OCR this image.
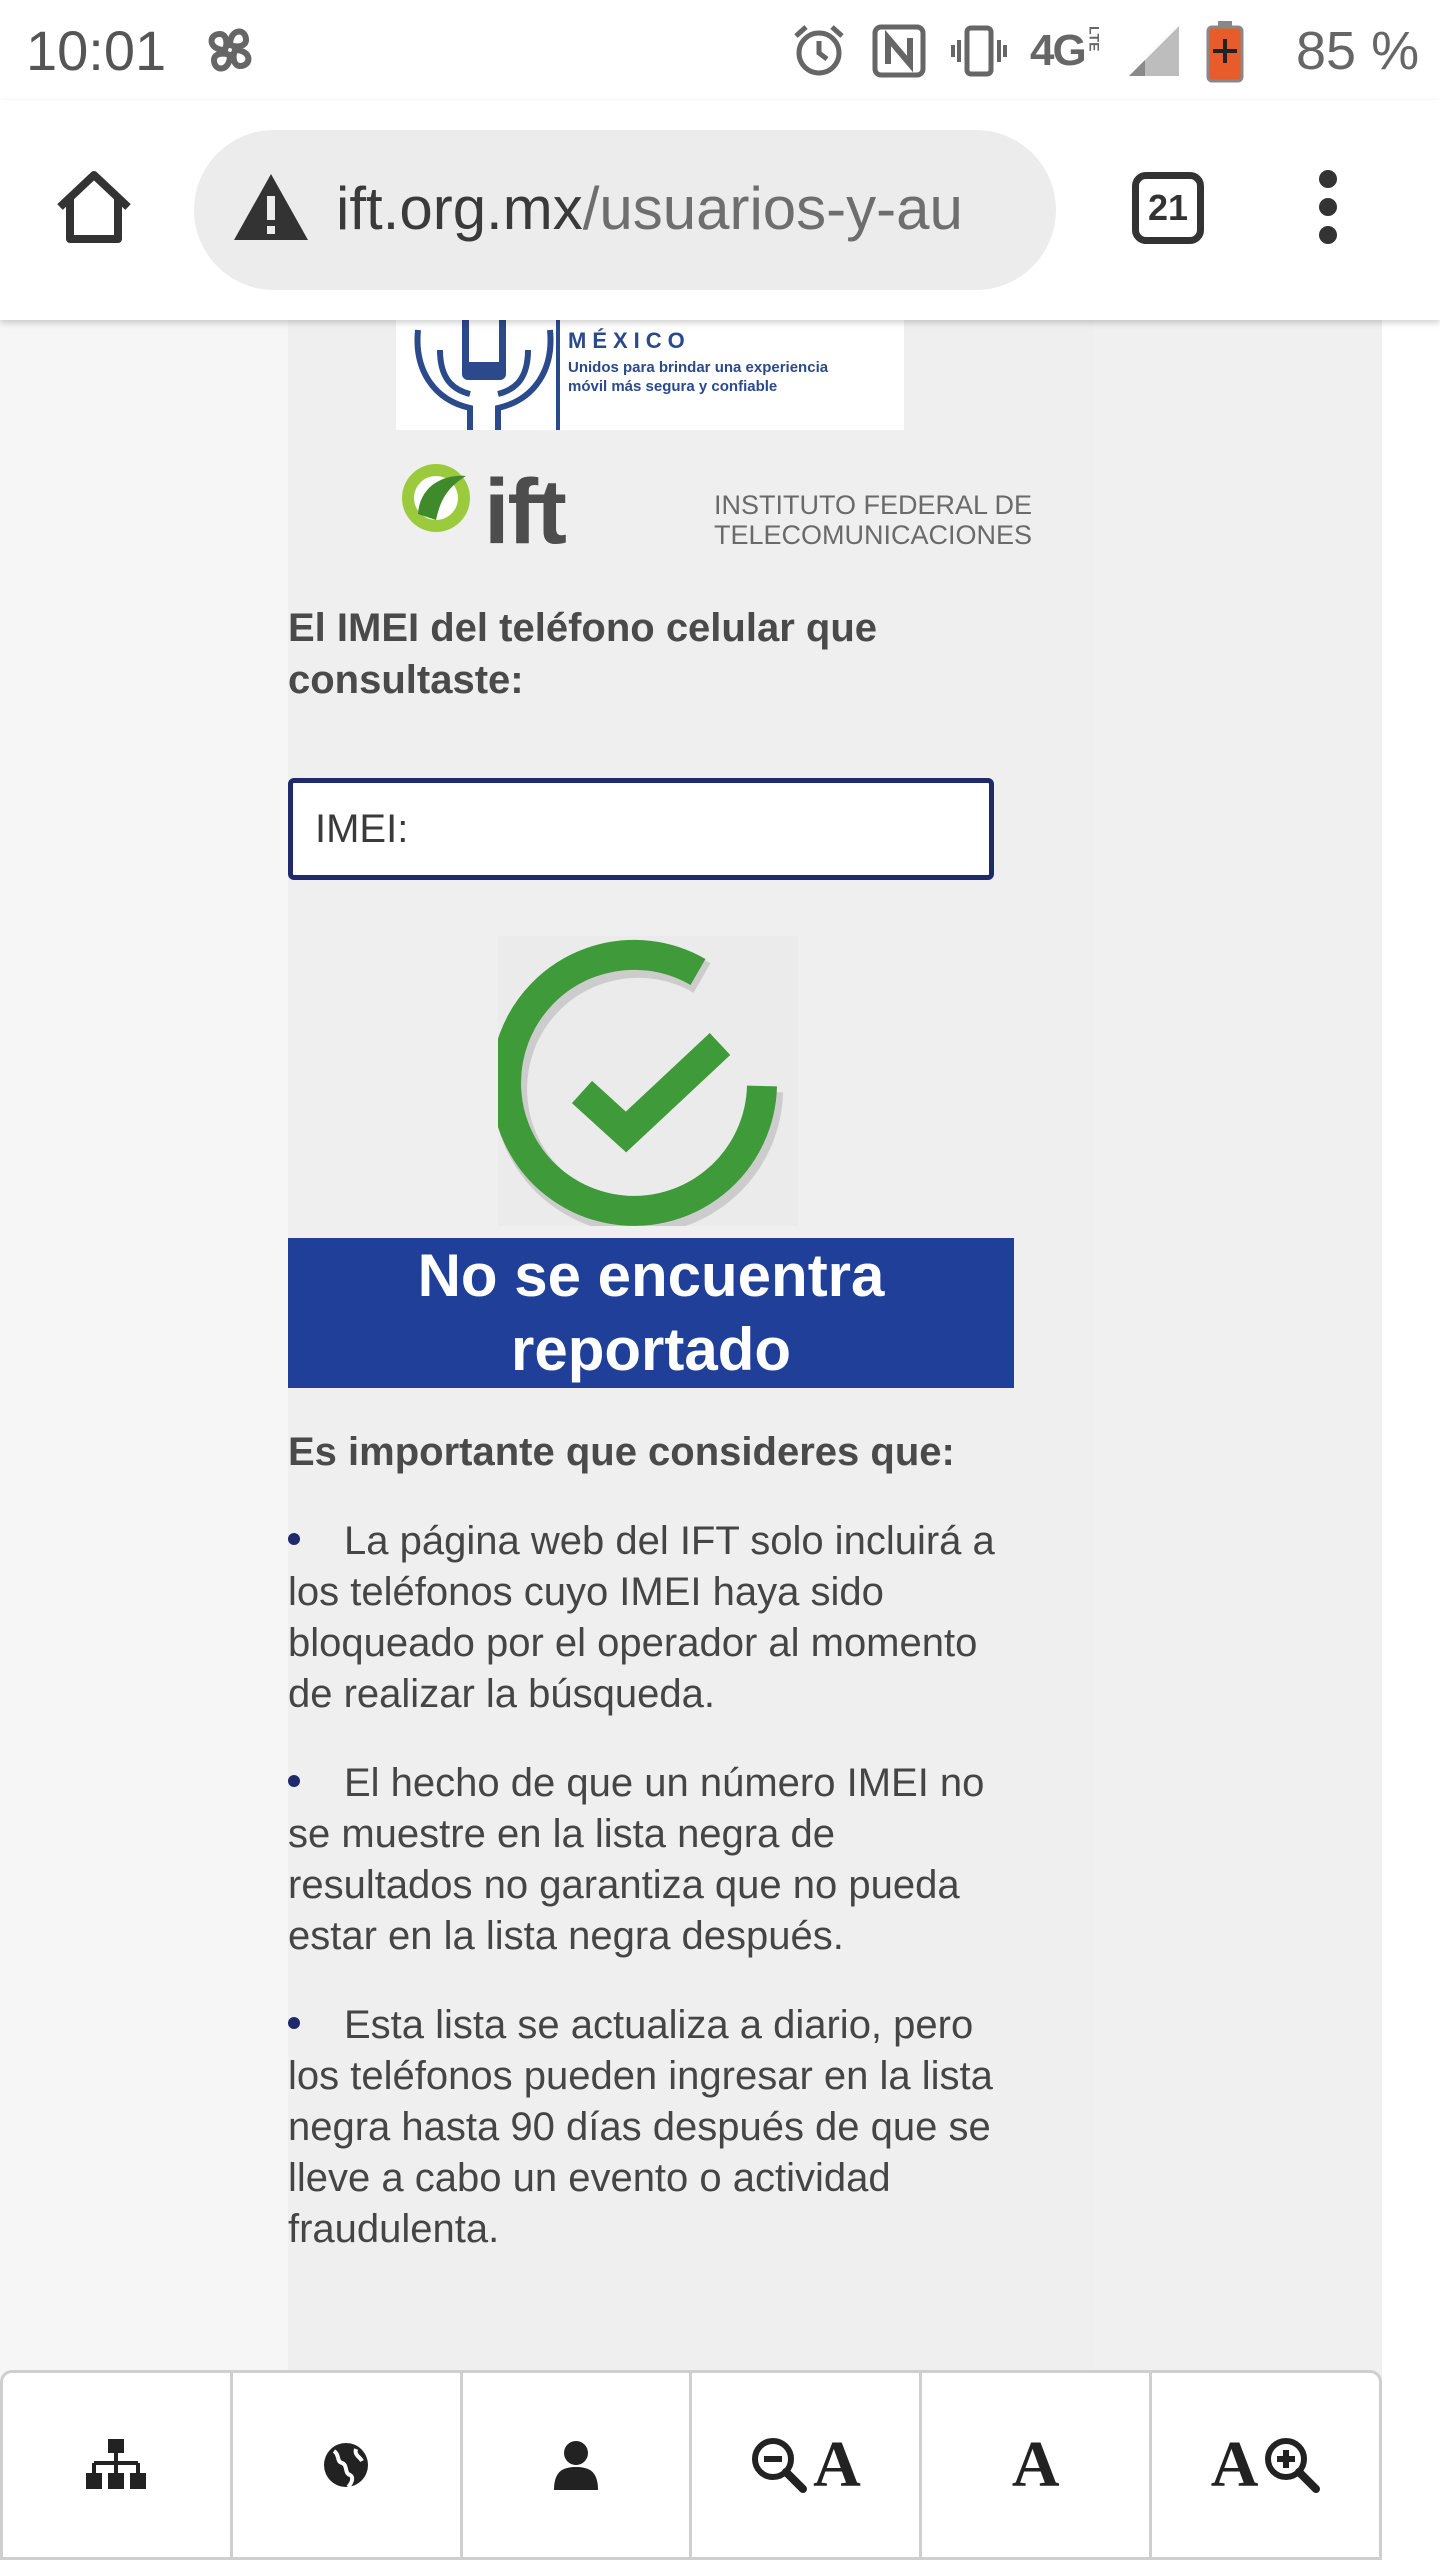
10:01	4G LTE	85 %
ift.org.mx/usuarios-y-au	21
MÉXICO
Unidos para brindar una experiencia móvil más segura y confiable
ift	INSTITUTO FEDERAL DE
TELECOMUNICACIONES
El IMEI del teléfono celular que consultaste:
IMEI:
No se encuentra
reportado
Es importante que consideres que:
La página web del IFT solo incluirá a los teléfonos cuyo IMEI haya sido bloqueado por el operador al momento de realizar la búsqueda.
El hecho de que un número IMEI no se muestre en la lista negra de resultados no garantiza que no pueda estar en la lista negra después.
Esta lista se actualiza a diario, pero los teléfonos pueden ingresar en la lista negra hasta 90 días después de que se lleve a cabo un evento o actividad fraudulenta.
A A A
